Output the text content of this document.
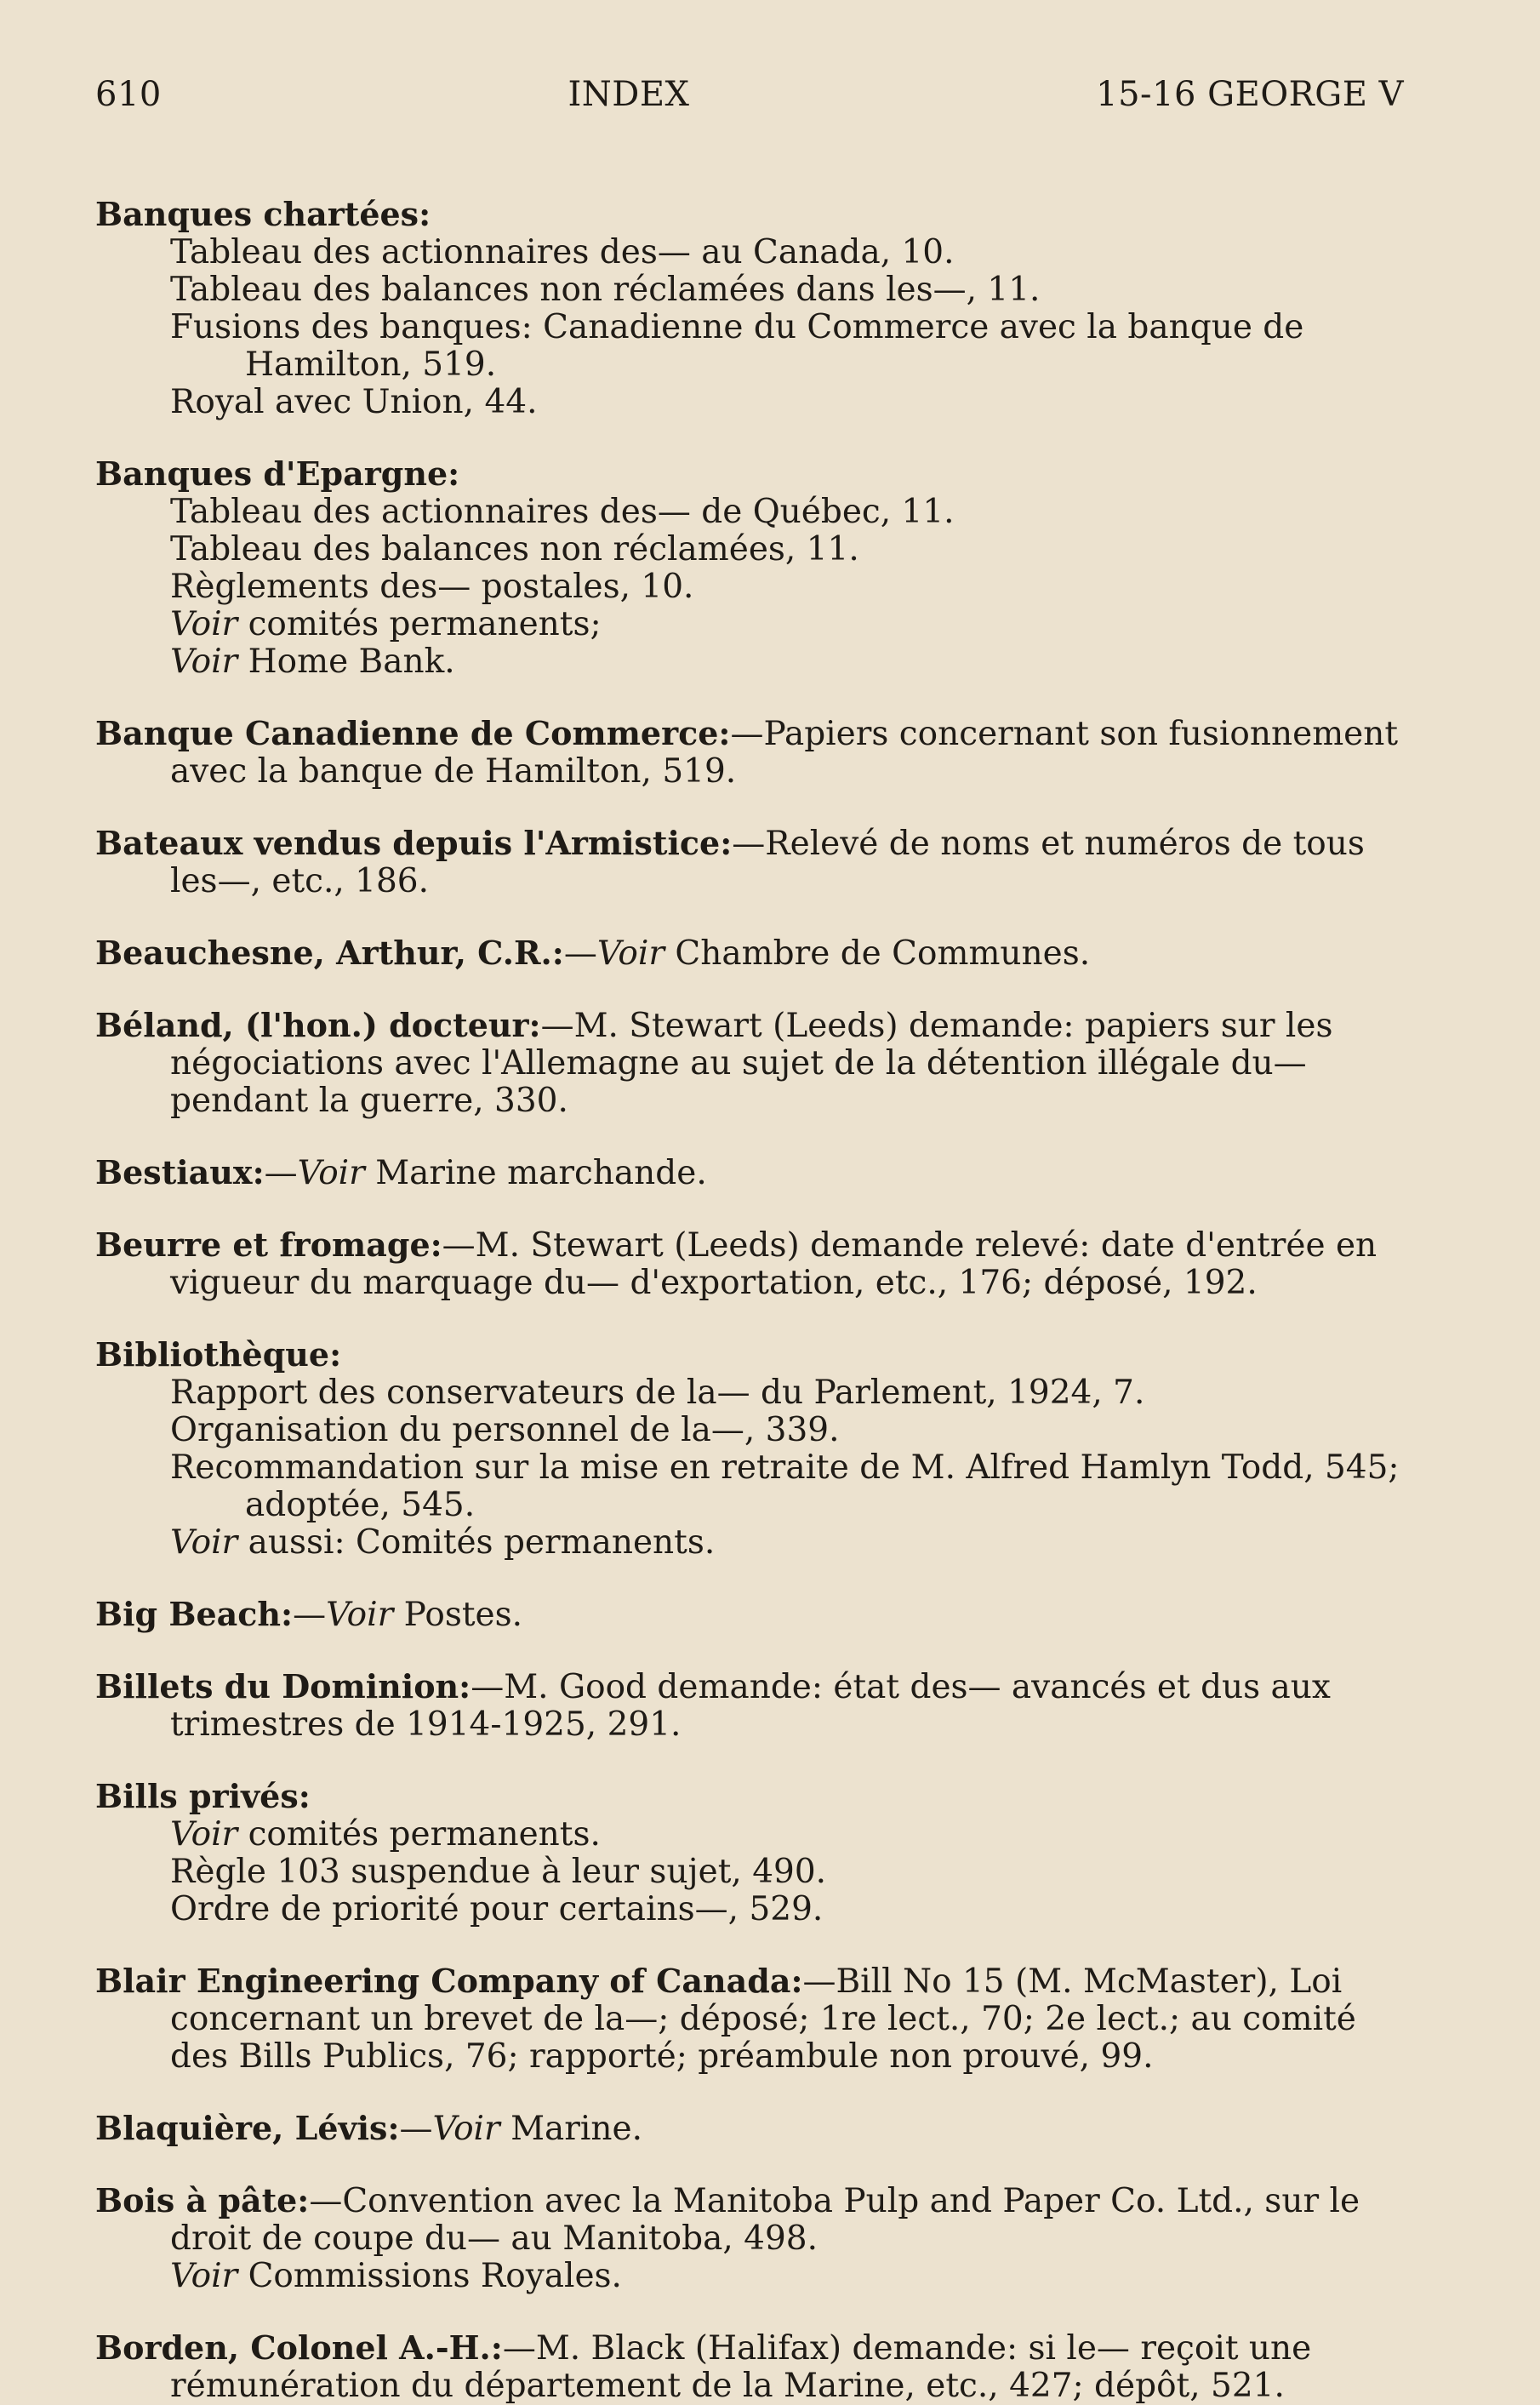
610	INDEX	15-16 GEORGE V
Banques chartées:
Tableau des actionnaires des— au Canada, 10.
Tableau des balances non réclamées dans les—, 11.
Fusions des banques: Canadienne du Commerce avec la banque de Hamilton, 519.
Royal avec Union, 44.
Banques d'Epargne:
Tableau des actionnaires des— de Québec, 11.
Tableau des balances non réclamées, 11.
Règlements des— postales, 10.
Voir comités permanents;
Voir Home Bank.
Banque Canadienne de Commerce:—Papiers concernant son fusionnement avec la banque de Hamilton, 519.
Bateaux vendus depuis l'Armistice:—Relevé de noms et numéros de tous les—, etc., 186.
Beauchesne, Arthur, C.R.:—Voir Chambre de Communes.
Béland, (l'hon.) docteur:—M. Stewart (Leeds) demande: papiers sur les négociations avec l'Allemagne au sujet de la détention illégale du— pendant la guerre, 330.
Bestiaux:—Voir Marine marchande.
Beurre et fromage:—M. Stewart (Leeds) demande relevé: date d'entrée en vigueur du marquage du— d'exportation, etc., 176; déposé, 192.
Bibliothèque:
Rapport des conservateurs de la— du Parlement, 1924, 7.
Organisation du personnel de la—, 339.
Recommandation sur la mise en retraite de M. Alfred Hamlyn Todd, 545; adoptée, 545.
Voir aussi: Comités permanents.
Big Beach:—Voir Postes.
Billets du Dominion:—M. Good demande: état des— avancés et dus aux trimestres de 1914-1925, 291.
Bills privés:
Voir comités permanents.
Règle 103 suspendue à leur sujet, 490.
Ordre de priorité pour certains—, 529.
Blair Engineering Company of Canada:—Bill No 15 (M. McMaster), Loi concernant un brevet de la—; déposé; 1re lect., 70; 2e lect.; au comité des Bills Publics, 76; rapporté; préambule non prouvé, 99.
Blaquière, Lévis:—Voir Marine.
Bois à pâte:—Convention avec la Manitoba Pulp and Paper Co. Ltd., sur le droit de coupe du— au Manitoba, 498.
Voir Commissions Royales.
Borden, Colonel A.-H.:—M. Black (Halifax) demande: si le— reçoit une rémunération du département de la Marine, etc., 427; dépôt, 521.
